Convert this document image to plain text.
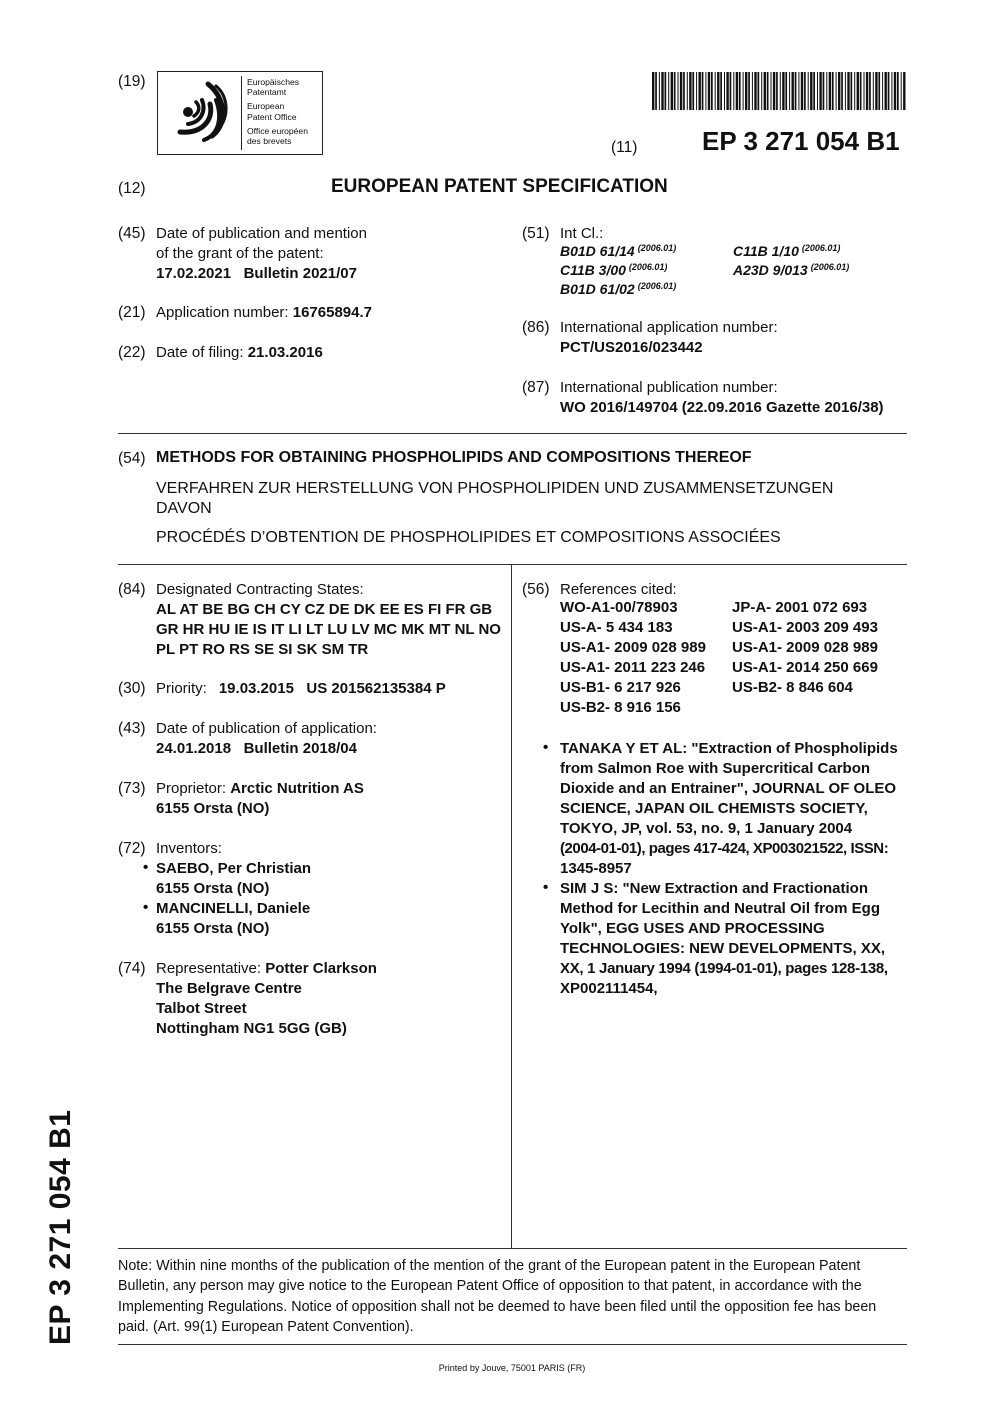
(19)	Europäisches
Patentamt
European
Patent Office
Office européen
des brevets	(11) EP 3 271 054 B1
(12)	EUROPEAN PATENT SPECIFICATION
(45) Date of publication and mention
of the grant of the patent:
17.02.2021   Bulletin 2021/07
(21) Application number: 16765894.7
(22) Date of filing: 21.03.2016
(51) Int Cl.:
B01D 61/14 $^{(2006.01)}$	C11B 1/10 $^{(2006.01)}$
C11B 3/00 $^{(2006.01)}$	A23D 9/013 $^{(2006.01)}$
B01D 61/02 $^{(2006.01)}$
(86) International application number:
PCT/US2016/023442
(87) International publication number:
WO 2016/149704 (22.09.2016 Gazette 2016/38)
(54) METHODS FOR OBTAINING PHOSPHOLIPIDS AND COMPOSITIONS THEREOF
VERFAHREN ZUR HERSTELLUNG VON PHOSPHOLIPIDEN UND ZUSAMMENSETZUNGEN
DAVON
PROCÉDÉS D’OBTENTION DE PHOSPHOLIPIDES ET COMPOSITIONS ASSOCIÉES
(84) Designated Contracting States:
AL AT BE BG CH CY CZ DE DK EE ES FI FR GB
GR HR HU IE IS IT LI LT LU LV MC MK MT NL NO
PL PT RO RS SE SI SK SM TR
(30) Priority: 19.03.2015   US 201562135384 P
(43) Date of publication of application:
24.01.2018   Bulletin 2018/04
(73) Proprietor: Arctic Nutrition AS
6155 Orsta (NO)
(72) Inventors:
• SAEBO, Per Christian
6155 Orsta (NO)
• MANCINELLI, Daniele
6155 Orsta (NO)
(74) Representative: Potter Clarkson
The Belgrave Centre
Talbot Street
Nottingham NG1 5GG (GB)
(56) References cited:
WO-A1-00/78903	JP-A- 2001 072 693
US-A- 5 434 183	US-A1- 2003 209 493
US-A1- 2009 028 989	US-A1- 2009 028 989
US-A1- 2011 223 246	US-A1- 2014 250 669
US-B1- 6 217 926	US-B2- 8 846 604
US-B2- 8 916 156	
• TANAKA Y ET AL: "Extraction of Phospholipids
from Salmon Roe with Supercritical Carbon
Dioxide and an Entrainer", JOURNAL OF OLEO
SCIENCE, JAPAN OIL CHEMISTS SOCIETY,
TOKYO, JP, vol. 53, no. 9, 1 January 2004
(2004-01-01), pages 417-424, XP003021522, ISSN:
1345-8957
• SIM J S: "New Extraction and Fractionation
Method for Lecithin and Neutral Oil from Egg
Yolk", EGG USES AND PROCESSING
TECHNOLOGIES: NEW DEVELOPMENTS, XX,
XX, 1 January 1994 (1994-01-01), pages 128-138,
XP002111454,
EP 3 271 054 B1	Note: Within nine months of the publication of the mention of the grant of the European patent in the European Patent
Bulletin, any person may give notice to the European Patent Office of opposition to that patent, in accordance with the
Implementing Regulations. Notice of opposition shall not be deemed to have been filed until the opposition fee has been
paid. (Art. 99(1) European Patent Convention).
Printed by Jouve, 75001 PARIS (FR)
